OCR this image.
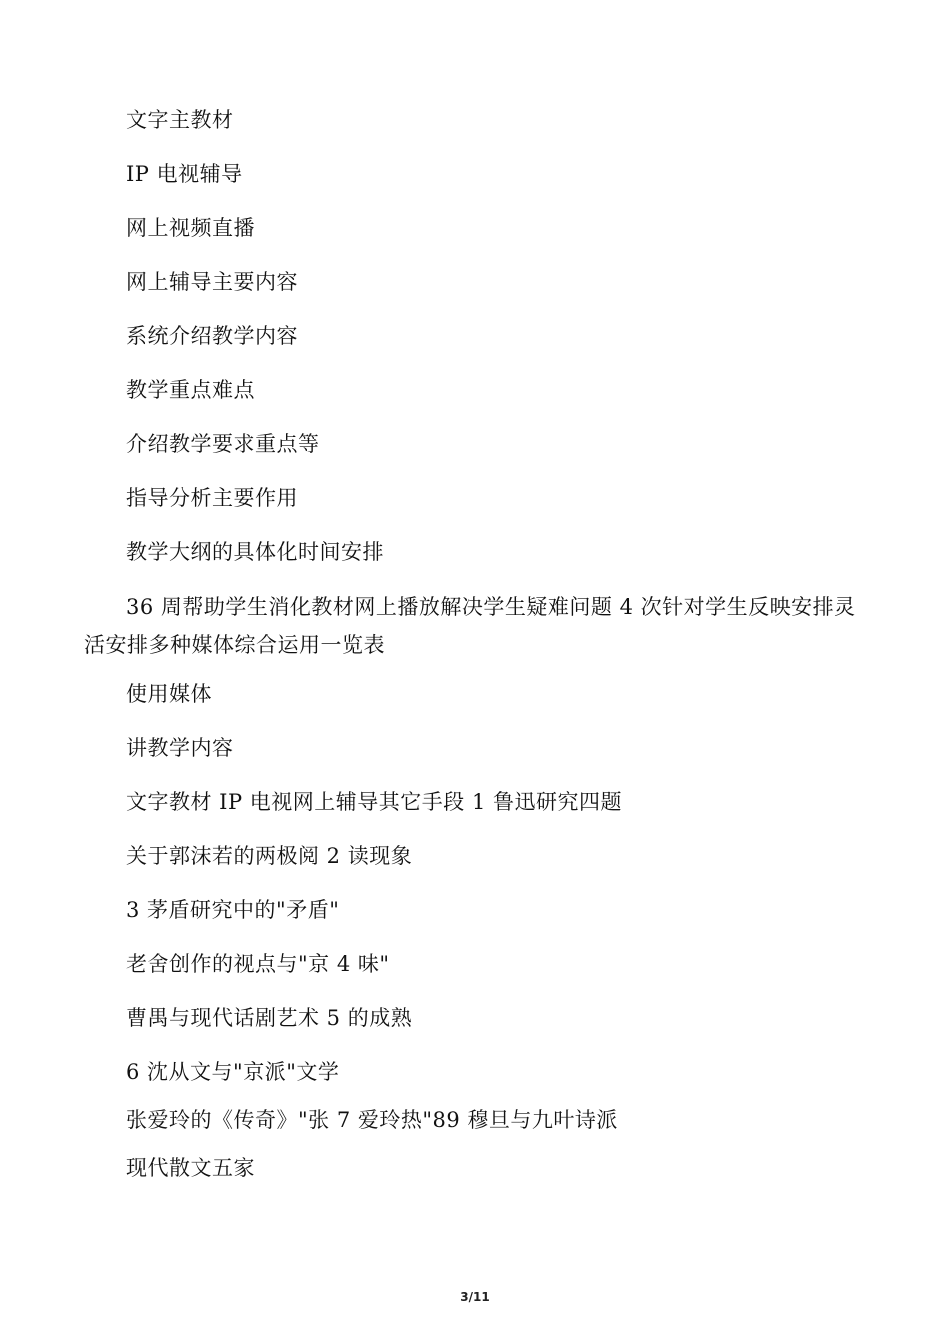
文字主教材
IP 电视辅导
网上视频直播
网上辅导主要内容
系统介绍教学内容
教学重点难点
介绍教学要求重点等
指导分析主要作用
教学大纲的具体化时间安排
36 周帮助学生消化教材网上播放解决学生疑难问题 4 次针对学生反映安排灵活安排多种媒体综合运用一览表
使用媒体
讲教学内容
文字教材 IP 电视网上辅导其它手段 1 鲁迅研究四题
关于郭沫若的两极阅 2 读现象
3 茅盾研究中的"矛盾"
老舍创作的视点与"京 4 味"
曹禺与现代话剧艺术 5 的成熟
6 沈从文与"京派"文学
张爱玲的《传奇》"张 7 爱玲热"89 穆旦与九叶诗派
现代散文五家
3/11
